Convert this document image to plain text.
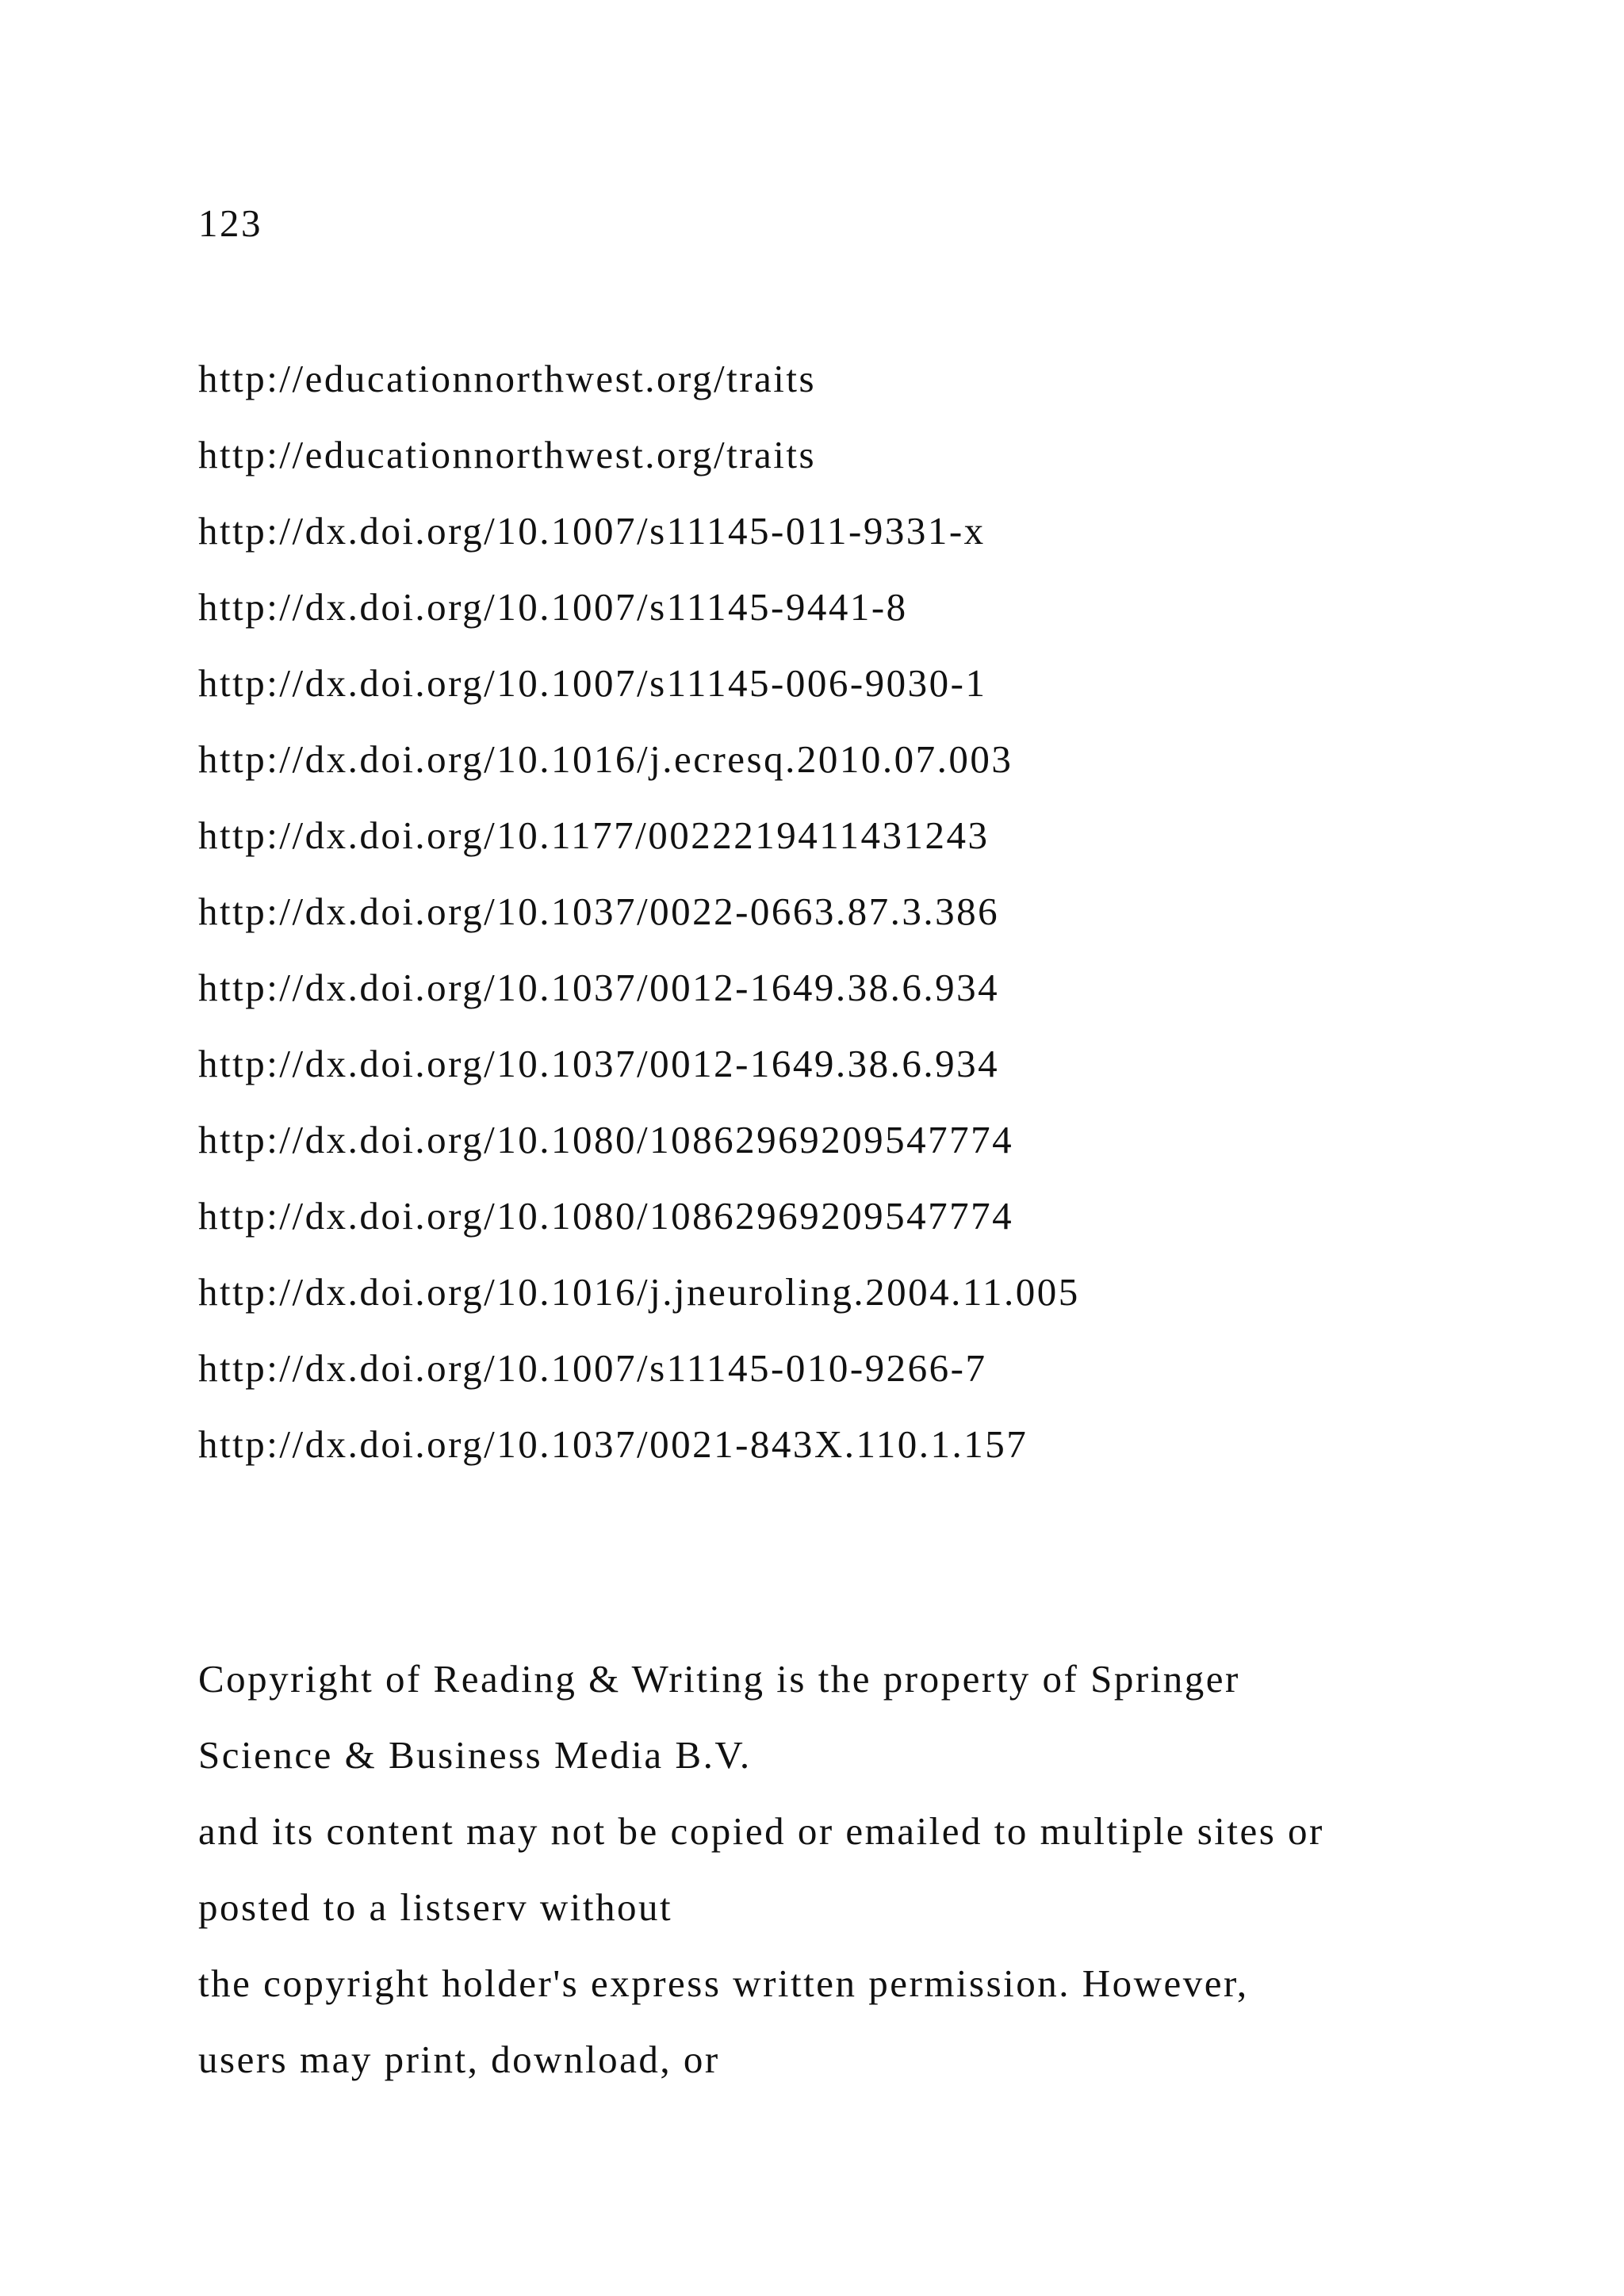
123

http://educationnorthwest.org/traits

http://educationnorthwest.org/traits

http://dx.doi.org/10.1007/s11145-011-9331-x

http://dx.doi.org/10.1007/s11145-9441-8

http://dx.doi.org/10.1007/s11145-006-9030-1

http://dx.doi.org/10.1016/j.ecresq.2010.07.003

http://dx.doi.org/10.1177/0022219411431243

http://dx.doi.org/10.1037/0022-0663.87.3.386

http://dx.doi.org/10.1037/0012-1649.38.6.934

http://dx.doi.org/10.1037/0012-1649.38.6.934

http://dx.doi.org/10.1080/10862969209547774

http://dx.doi.org/10.1080/10862969209547774

http://dx.doi.org/10.1016/j.jneuroling.2004.11.005

http://dx.doi.org/10.1007/s11145-010-9266-7

http://dx.doi.org/10.1037/0021-843X.110.1.157

Copyright of Reading & Writing is the property of Springer

Science & Business Media B.V.

and its content may not be copied or emailed to multiple sites or

posted to a listserv without

the copyright holder's express written permission. However,

users may print, download, or
